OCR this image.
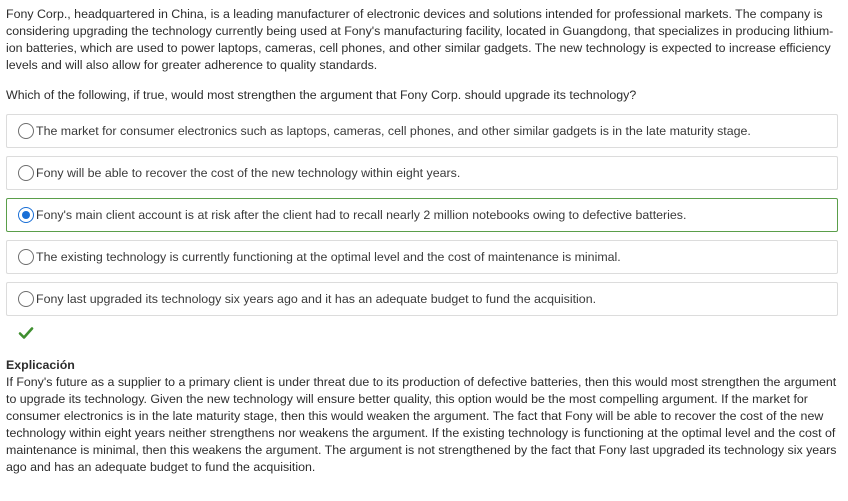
Fony Corp., headquartered in China, is a leading manufacturer of electronic devices and solutions intended for professional markets. The company is considering upgrading the technology currently being used at Fony's manufacturing facility, located in Guangdong, that specializes in producing lithium-ion batteries, which are used to power laptops, cameras, cell phones, and other similar gadgets. The new technology is expected to increase efficiency levels and will also allow for greater adherence to quality standards.

Which of the following, if true, would most strengthen the argument that Fony Corp. should upgrade its technology?

The market for consumer electronics such as laptops, cameras, cell phones, and other similar gadgets is in the late maturity stage.
Fony will be able to recover the cost of the new technology within eight years.
Fony's main client account is at risk after the client had to recall nearly 2 million notebooks owing to defective batteries.
The existing technology is currently functioning at the optimal level and the cost of maintenance is minimal.
Fony last upgraded its technology six years ago and it has an adequate budget to fund the acquisition.

Explicación

If Fony's future as a supplier to a primary client is under threat due to its production of defective batteries, then this would most strengthen the argument to upgrade its technology. Given the new technology will ensure better quality, this option would be the most compelling argument. If the market for consumer electronics is in the late maturity stage, then this would weaken the argument. The fact that Fony will be able to recover the cost of the new technology within eight years neither strengthens nor weakens the argument. If the existing technology is functioning at the optimal level and the cost of maintenance is minimal, then this weakens the argument. The argument is not strengthened by the fact that Fony last upgraded its technology six years ago and has an adequate budget to fund the acquisition.
